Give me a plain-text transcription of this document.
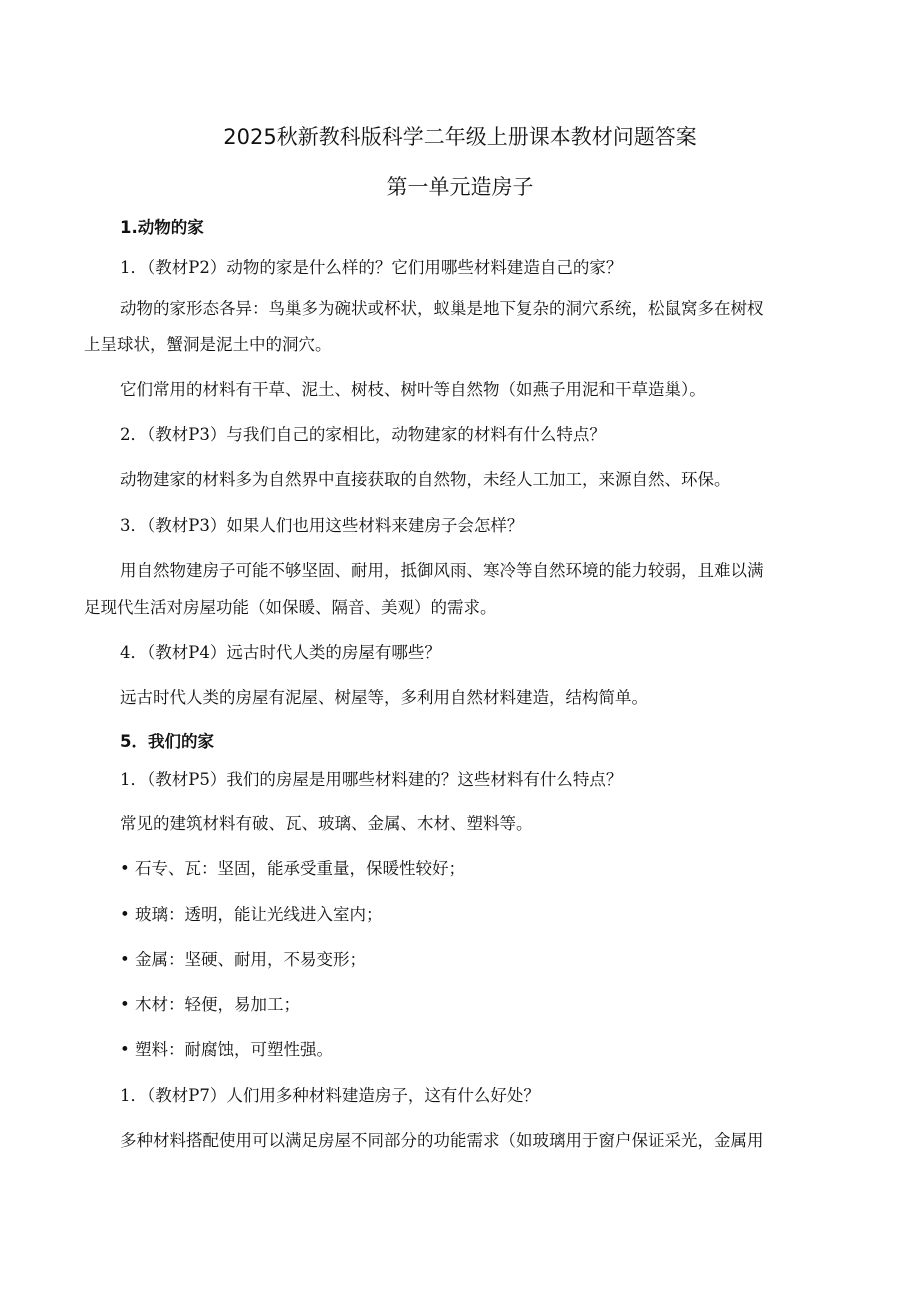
2025秋新教科版科学二年级上册课本教材问题答案
第一单元造房子
1.动物的家
1．（教材P2）动物的家是什么样的？它们用哪些材料建造自己的家？
动物的家形态各异：鸟巢多为碗状或杯状，蚁巢是地下复杂的洞穴系统，松鼠窝多在树杈
上呈球状，蟹洞是泥土中的洞穴。
它们常用的材料有干草、泥土、树枝、树叶等自然物（如燕子用泥和干草造巢）。
2．（教材P3）与我们自己的家相比，动物建家的材料有什么特点？
动物建家的材料多为自然界中直接获取的自然物，未经人工加工，来源自然、环保。
3．（教材P3）如果人们也用这些材料来建房子会怎样？
用自然物建房子可能不够坚固、耐用，抵御风雨、寒冷等自然环境的能力较弱，且难以满
足现代生活对房屋功能（如保暖、隔音、美观）的需求。
4．（教材P4）远古时代人类的房屋有哪些？
远古时代人类的房屋有泥屋、树屋等，多利用自然材料建造，结构简单。
5．我们的家
1．（教材P5）我们的房屋是用哪些材料建的？这些材料有什么特点？
常见的建筑材料有破、瓦、玻璃、金属、木材、塑料等。
• 石专、瓦：坚固，能承受重量，保暖性较好；
• 玻璃：透明，能让光线进入室内；
• 金属：坚硬、耐用，不易变形；
• 木材：轻便，易加工；
• 塑料：耐腐蚀，可塑性强。
1．（教材P7）人们用多种材料建造房子，这有什么好处？
多种材料搭配使用可以满足房屋不同部分的功能需求（如玻璃用于窗户保证采光，金属用
